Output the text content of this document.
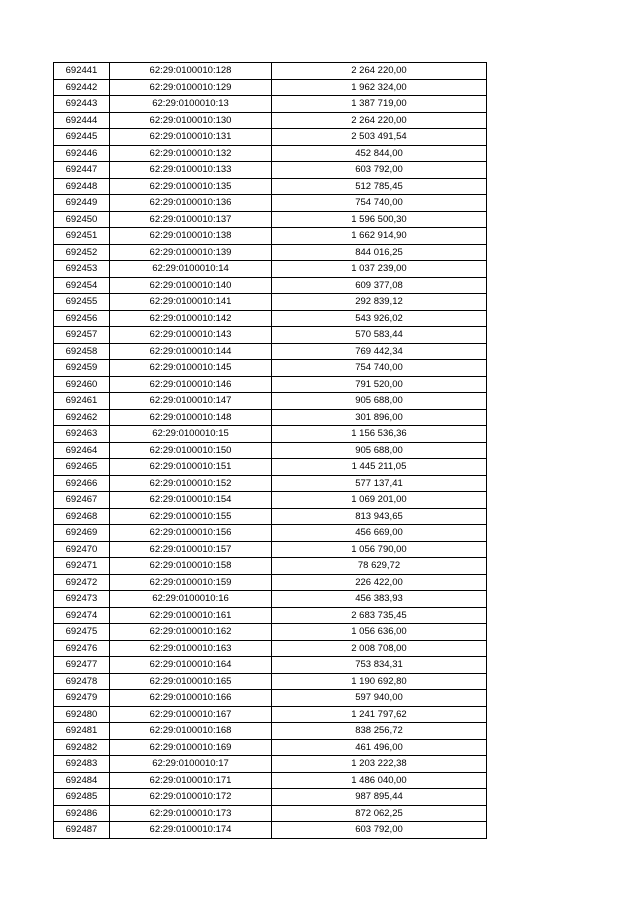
692441	62:29:0100010:128	2 264 220,00
692442	62:29:0100010:129	1 962 324,00
692443	62:29:0100010:13	1 387 719,00
692444	62:29:0100010:130	2 264 220,00
692445	62:29:0100010:131	2 503 491,54
692446	62:29:0100010:132	452 844,00
692447	62:29:0100010:133	603 792,00
692448	62:29:0100010:135	512 785,45
692449	62:29:0100010:136	754 740,00
692450	62:29:0100010:137	1 596 500,30
692451	62:29:0100010:138	1 662 914,90
692452	62:29:0100010:139	844 016,25
692453	62:29:0100010:14	1 037 239,00
692454	62:29:0100010:140	609 377,08
692455	62:29:0100010:141	292 839,12
692456	62:29:0100010:142	543 926,02
692457	62:29:0100010:143	570 583,44
692458	62:29:0100010:144	769 442,34
692459	62:29:0100010:145	754 740,00
692460	62:29:0100010:146	791 520,00
692461	62:29:0100010:147	905 688,00
692462	62:29:0100010:148	301 896,00
692463	62:29:0100010:15	1 156 536,36
692464	62:29:0100010:150	905 688,00
692465	62:29:0100010:151	1 445 211,05
692466	62:29:0100010:152	577 137,41
692467	62:29:0100010:154	1 069 201,00
692468	62:29:0100010:155	813 943,65
692469	62:29:0100010:156	456 669,00
692470	62:29:0100010:157	1 056 790,00
692471	62:29:0100010:158	78 629,72
692472	62:29:0100010:159	226 422,00
692473	62:29:0100010:16	456 383,93
692474	62:29:0100010:161	2 683 735,45
692475	62:29:0100010:162	1 056 636,00
692476	62:29:0100010:163	2 008 708,00
692477	62:29:0100010:164	753 834,31
692478	62:29:0100010:165	1 190 692,80
692479	62:29:0100010:166	597 940,00
692480	62:29:0100010:167	1 241 797,62
692481	62:29:0100010:168	838 256,72
692482	62:29:0100010:169	461 496,00
692483	62:29:0100010:17	1 203 222,38
692484	62:29:0100010:171	1 486 040,00
692485	62:29:0100010:172	987 895,44
692486	62:29:0100010:173	872 062,25
692487	62:29:0100010:174	603 792,00
